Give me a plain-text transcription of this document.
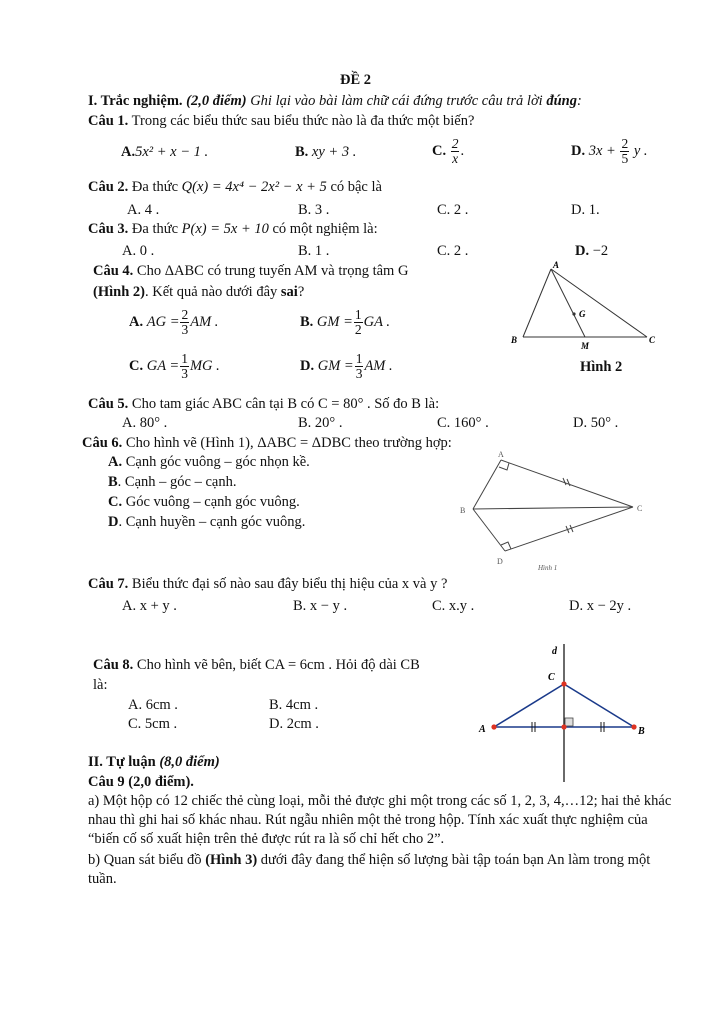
ĐỀ 2
I. Trắc nghiệm. (2,0 điểm) Ghi lại vào bài làm chữ cái đứng trước câu trả lời đúng:
Câu 1. Trong các biểu thức sau biểu thức nào là đa thức một biến?
A.5x² + x − 1 .	B. xy + 3 .	C. $\frac{2}{x}$ .	D. $3x + \frac{2}{5}$ y .
Câu 2. Đa thức Q(x) = 4x⁴ − 2x² − x + 5 có bậc là
A. 4 .	B. 3 .	C. 2 .	D. 1.
Câu 3. Đa thức P(x) = 5x + 10 có một nghiệm là:
A. 0 .	B. 1 .	C. 2 .	D. −2
Câu 4. Cho ΔABC có trung tuyến AM và trọng tâm G
(Hình 2). Kết quả nào dưới đây sai?
A. AG = $\frac{2}{3}$ AM .	B. GM = $\frac{1}{2}$ GA .
C. GA = $\frac{1}{3}$ MG .	D. GM = $\frac{1}{3}$ AM .
A
B	C
G
M
Hình 2
Câu 5. Cho tam giác ABC cân tại B có C = 80° . Số đo B là:
A. 80° .	B. 20° .	C. 160° .	D. 50° .
Câu 6. Cho hình vẽ (Hình 1), ΔABC = ΔDBC theo trường hợp:
A. Cạnh góc vuông – góc nhọn kề.
B. Cạnh – góc – cạnh.
C. Góc vuông – cạnh góc vuông.
D. Cạnh huyền – cạnh góc vuông.
A
B	C
D
Hình 1
Câu 7. Biểu thức đại số nào sau đây biểu thị hiệu của x và y ?
A. x + y .	B. x − y .	C. x.y .	D. x − 2y .
Câu 8. Cho hình vẽ bên, biết CA = 6cm . Hỏi độ dài CB
là:
A. 6cm .	B. 4cm .
C. 5cm .	D. 2cm .
d
C
A	B
II. Tự luận (8,0 điểm)
Câu 9 (2,0 điểm).
a) Một hộp có 12 chiếc thẻ cùng loại, mỗi thẻ được ghi một trong các số 1, 2, 3, 4,…12; hai thẻ khác nhau thì ghi hai số khác nhau. Rút ngẫu nhiên một thẻ trong hộp. Tính xác xuất thực nghiệm của “biến cố số xuất hiện trên thẻ được rút ra là số chỉ hết cho 2”.
b) Quan sát biểu đồ (Hình 3) dưới đây đang thể hiện số lượng bài tập toán bạn An làm trong một tuần.
